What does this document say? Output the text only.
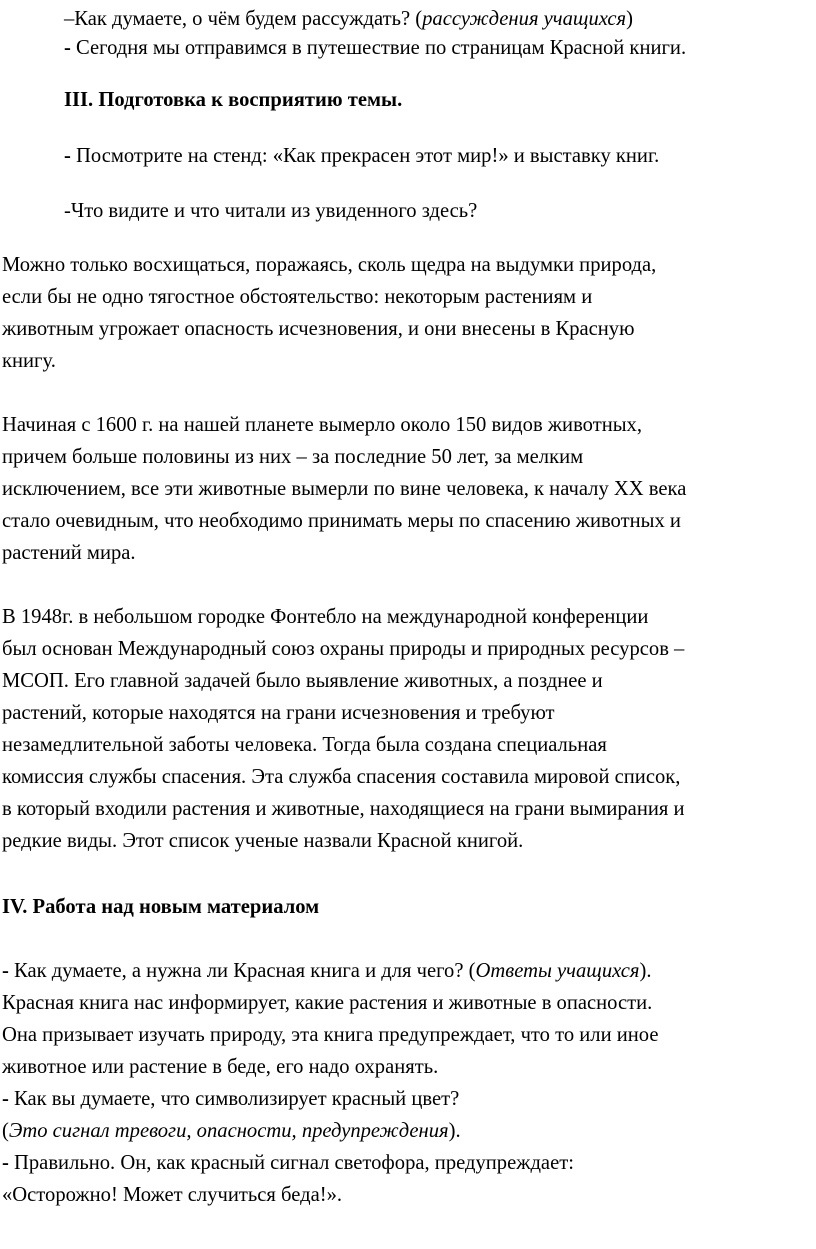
–Как думаете, о чём будем рассуждать? (рассуждения учащихся)
- Сегодня мы отправимся в путешествие по страницам Красной книги.
III. Подготовка к восприятию темы.
- Посмотрите на стенд: «Как прекрасен этот мир!» и выставку книг.
-Что видите и что читали из увиденного здесь?
Можно только восхищаться, поражаясь, сколь щедра на выдумки природа,
если бы не одно тягостное обстоятельство: некоторым растениям и
животным угрожает опасность исчезновения, и они внесены в Красную
книгу.
Начиная с 1600 г. на нашей планете вымерло около 150 видов животных,
причем больше половины из них – за последние 50 лет, за мелким
исключением, все эти животные вымерли по вине человека, к началу XX века
стало очевидным, что необходимо принимать меры по спасению животных и
растений мира.
В 1948г. в небольшом городке Фонтебло на международной конференции
был основан Международный союз охраны природы и природных ресурсов –
МСОП. Его главной задачей было выявление животных, а позднее и
растений, которые находятся на грани исчезновения и требуют
незамедлительной заботы человека. Тогда была создана специальная
комиссия службы спасения. Эта служба спасения составила мировой список,
в который входили растения и животные, находящиеся на грани вымирания и
редкие виды. Этот список ученые назвали Красной книгой.
IV. Работа над новым материалом
- Как думаете, а нужна ли Красная книга и для чего? (Ответы учащихся).
Красная книга нас информирует, какие растения и животные в опасности.
Она призывает изучать природу, эта книга предупреждает, что то или иное
животное или растение в беде, его надо охранять.
- Как вы думаете, что символизирует красный цвет?
(Это сигнал тревоги, опасности, предупреждения).
- Правильно. Он, как красный сигнал светофора, предупреждает:
«Осторожно! Может случиться беда!».
